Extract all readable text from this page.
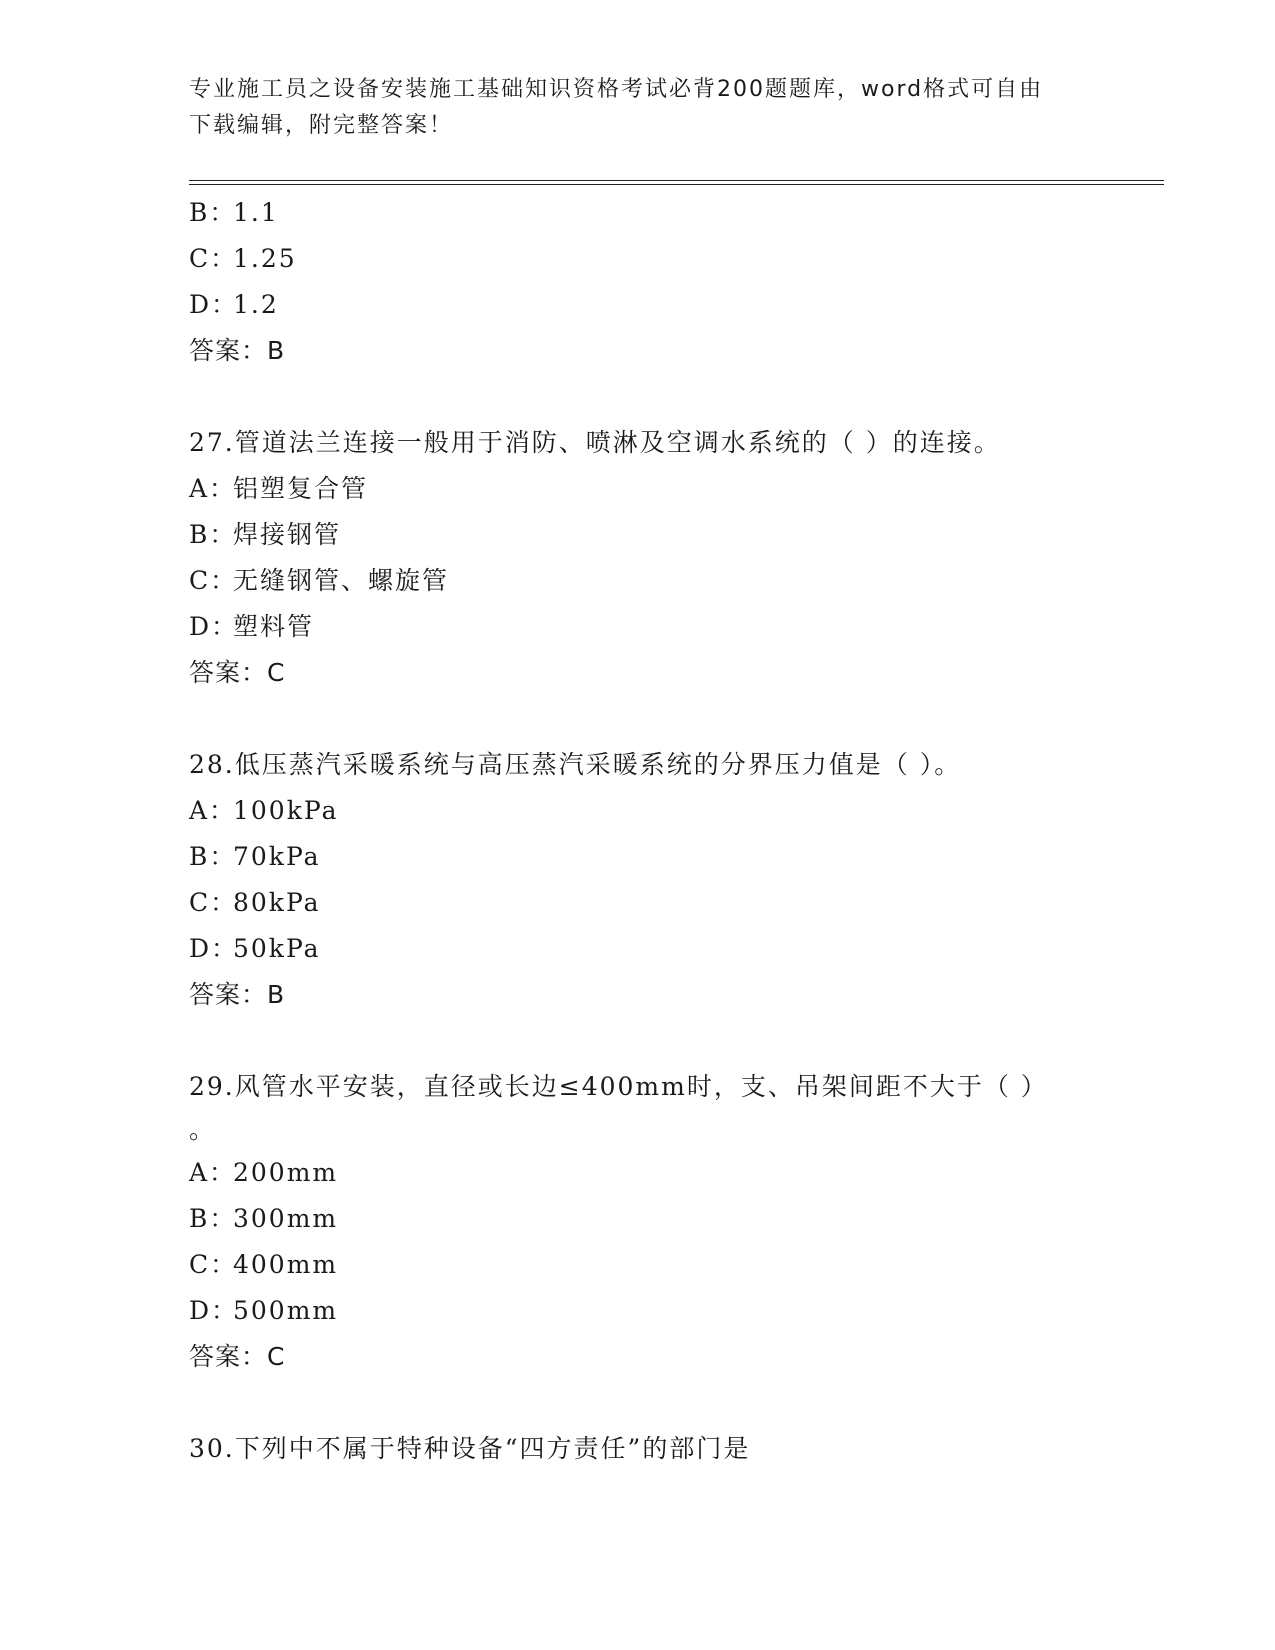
专业施工员之设备安装施工基础知识资格考试必背200题题库，word格式可自由
下载编辑，附完整答案！
B：1.1
C：1.25
D：1.2
答案：B
27.管道法兰连接一般用于消防、喷淋及空调水系统的（ ）的连接。
A：铝塑复合管
B：焊接钢管
C：无缝钢管、螺旋管
D：塑料管
答案：C
28.低压蒸汽采暖系统与高压蒸汽采暖系统的分界压力值是（ ）。
A：100kPa
B：70kPa
C：80kPa
D：50kPa
答案：B
29.风管水平安装，直径或长边≤400mm时，支、吊架间距不大于（ ）
。
A：200mm
B：300mm
C：400mm
D：500mm
答案：C
30.下列中不属于特种设备“四方责任”的部门是
